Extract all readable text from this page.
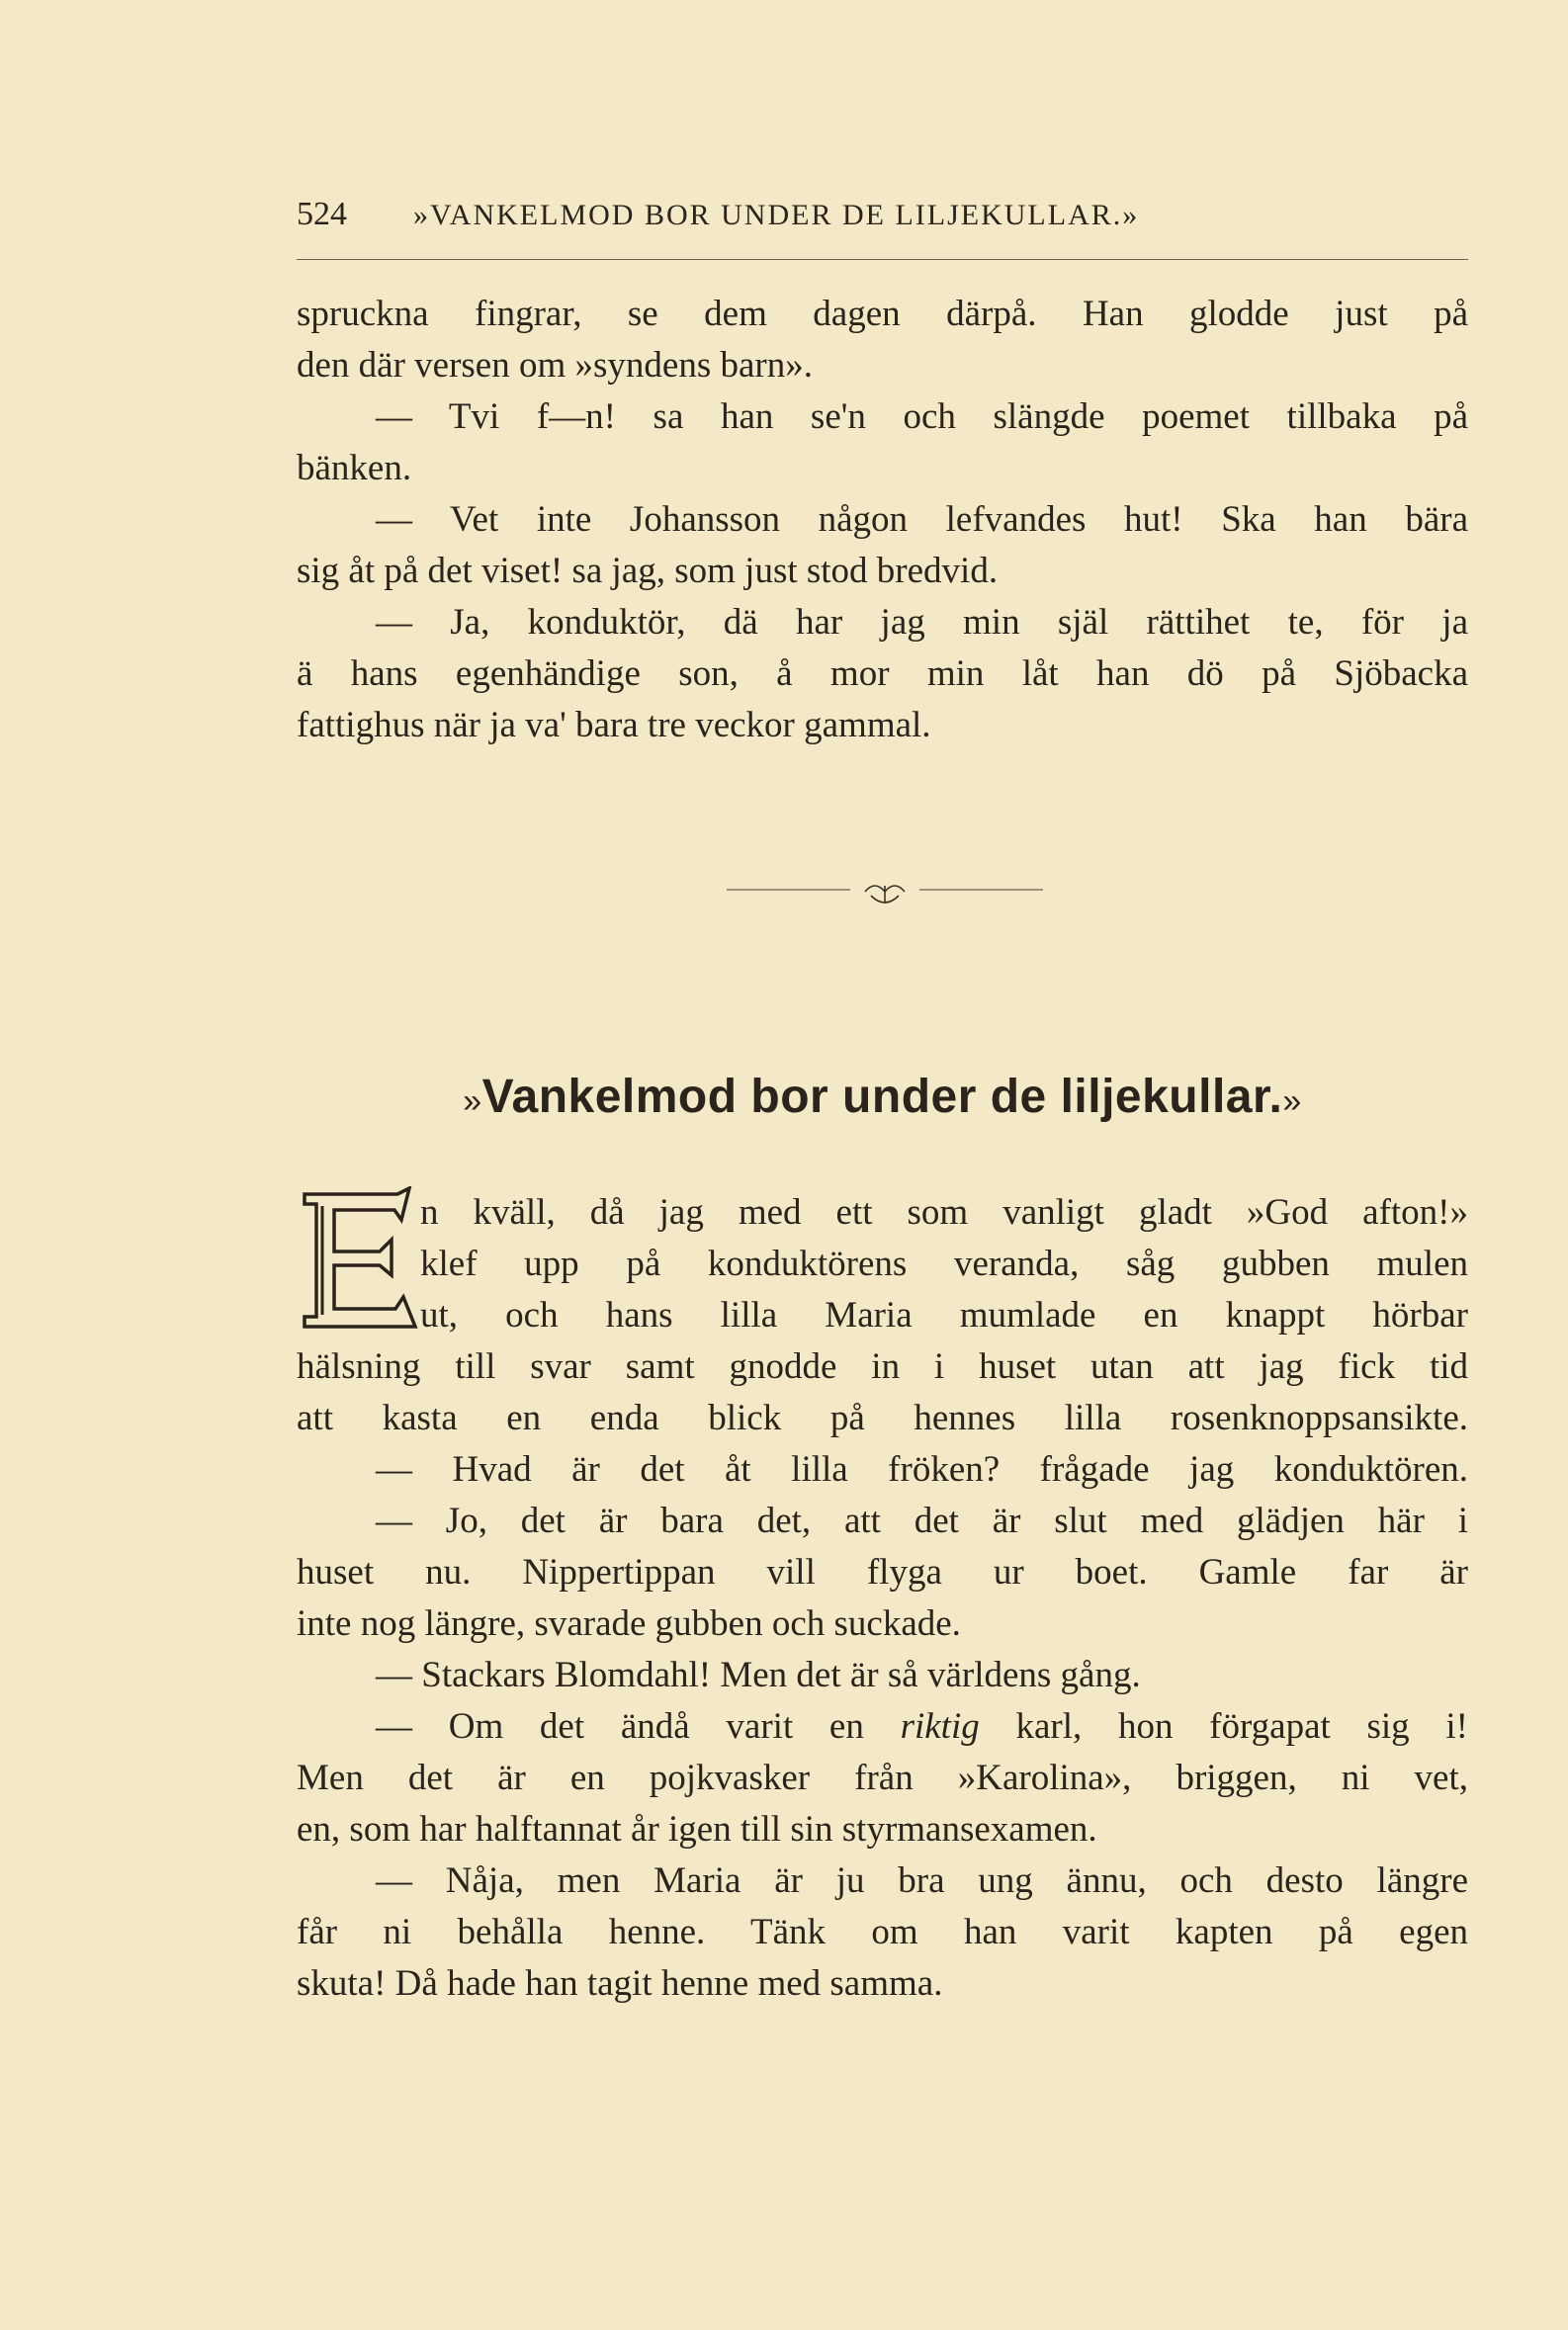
524	»VANKELMOD BOR UNDER DE LILJEKULLAR.»
spruckna fingrar, se dem dagen därpå. Han glodde just på
den där versen om »syndens barn».
— Tvi f—n! sa han se'n och slängde poemet tillbaka på
bänken.
— Vet inte Johansson någon lefvandes hut! Ska han bära
sig åt på det viset! sa jag, som just stod bredvid.
— Ja, konduktör, dä har jag min själ rättihet te, för ja
ä hans egenhändige son, å mor min låt han dö på Sjöbacka
fattighus när ja va' bara tre veckor gammal.
»Vankelmod bor under de liljekullar.»
E
n kväll, då jag med ett som vanligt gladt »God afton!»
klef upp på konduktörens veranda, såg gubben mulen
ut, och hans lilla Maria mumlade en knappt hörbar
hälsning till svar samt gnodde in i huset utan att jag fick tid
att kasta en enda blick på hennes lilla rosenknoppsansikte.
— Hvad är det åt lilla fröken? frågade jag konduktören.
— Jo, det är bara det, att det är slut med glädjen här i
huset nu. Nippertippan vill flyga ur boet. Gamle far är
inte nog längre, svarade gubben och suckade.
— Stackars Blomdahl! Men det är så världens gång.
— Om det ändå varit en riktig karl, hon förgapat sig i!
Men det är en pojkvasker från »Karolina», briggen, ni vet,
en, som har halftannat år igen till sin styrmansexamen.
— Nåja, men Maria är ju bra ung ännu, och desto längre
får ni behålla henne. Tänk om han varit kapten på egen
skuta! Då hade han tagit henne med samma.
